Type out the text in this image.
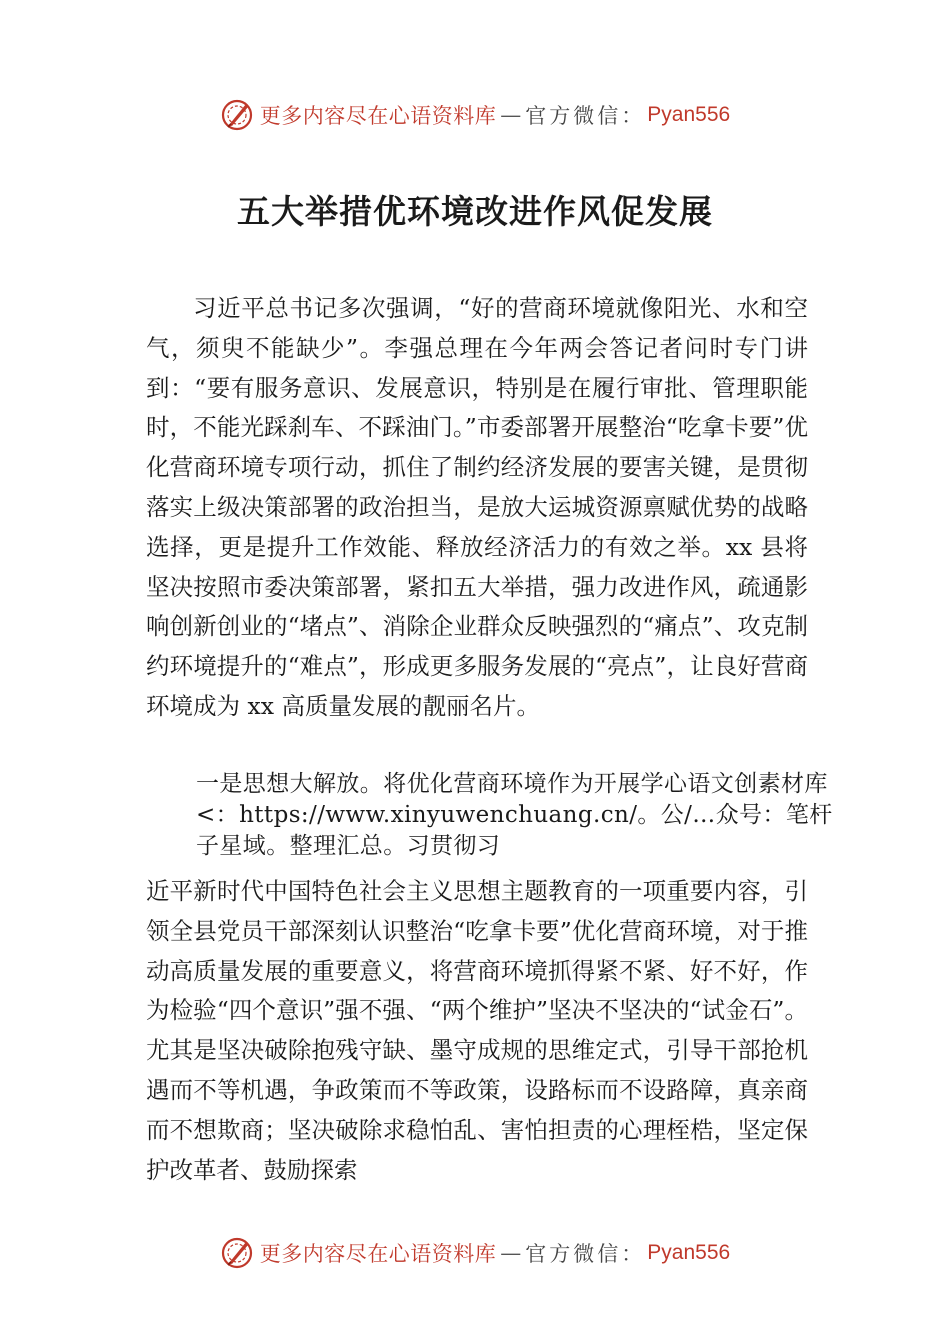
更多内容尽在心语资料库 — 官方微信： Pyan556
五大举措优环境改进作风促发展

习近平总书记多次强调，“好的营商环境就像阳光、水和空气，须臾不能缺少”。李强总理在今年两会答记者问时专门讲到：“要有服务意识、发展意识，特别是在履行审批、管理职能时，不能光踩刹车、不踩油门。”市委部署开展整治“吃拿卡要”优化营商环境专项行动，抓住了制约经济发展的要害关键，是贯彻落实上级决策部署的政治担当，是放大运城资源禀赋优势的战略选择，更是提升工作效能、释放经济活力的有效之举。xx 县将坚决按照市委决策部署，紧扣五大举措，强力改进作风，疏通影响创新创业的“堵点”、消除企业群众反映强烈的“痛点”、攻克制约环境提升的“难点”，形成更多服务发展的“亮点”，让良好营商环境成为 xx 高质量发展的靓丽名片。

一是思想大解放。将优化营商环境作为开展学心语文创素材库<：https://www.xinyuwenchuang.cn/。公/…众号：笔杆子星域。整理汇总。习贯彻习

近平新时代中国特色社会主义思想主题教育的一项重要内容，引领全县党员干部深刻认识整治“吃拿卡要”优化营商环境，对于推动高质量发展的重要意义，将营商环境抓得紧不紧、好不好，作为检验“四个意识”强不强、“两个维护”坚决不坚决的“试金石”。尤其是坚决破除抱残守缺、墨守成规的思维定式，引导干部抢机遇而不等机遇，争政策而不等政策，设路标而不设路障，真亲商而不想欺商；坚决破除求稳怕乱、害怕担责的心理桎梏，坚定保护改革者、鼓励探索

更多内容尽在心语资料库 — 官方微信： Pyan556
